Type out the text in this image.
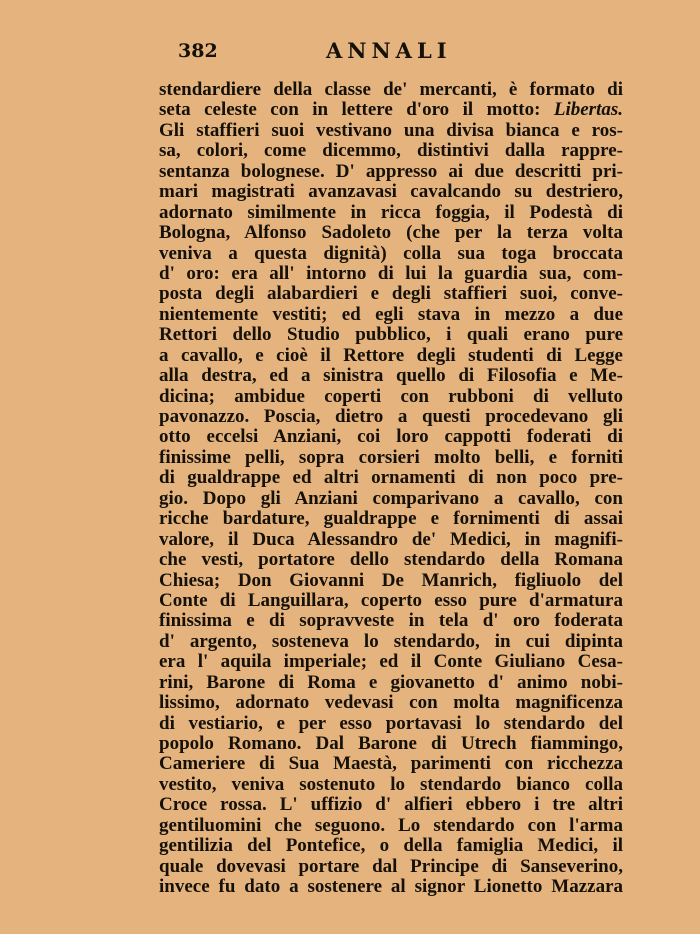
382	ANNALI
stendardiere della classe de' mercanti, è formato di
seta celeste con in lettere d'oro il motto: Libertas.
Gli staffieri suoi vestivano una divisa bianca e ros-
sa, colori, come dicemmo, distintivi dalla rappre-
sentanza bolognese. D' appresso ai due descritti pri-
mari magistrati avanzavasi cavalcando su destriero,
adornato similmente in ricca foggia, il Podestà di
Bologna, Alfonso Sadoleto (che per la terza volta
veniva a questa dignità) colla sua toga broccata
d' oro: era all' intorno di lui la guardia sua, com-
posta degli alabardieri e degli staffieri suoi, conve-
nientemente vestiti; ed egli stava in mezzo a due
Rettori dello Studio pubblico, i quali erano pure
a cavallo, e cioè il Rettore degli studenti di Legge
alla destra, ed a sinistra quello di Filosofia e Me-
dicina; ambidue coperti con rubboni di velluto
pavonazzo. Poscia, dietro a questi procedevano gli
otto eccelsi Anziani, coi loro cappotti foderati di
finissime pelli, sopra corsieri molto belli, e forniti
di gualdrappe ed altri ornamenti di non poco pre-
gio. Dopo gli Anziani comparivano a cavallo, con
ricche bardature, gualdrappe e fornimenti di assai
valore, il Duca Alessandro de' Medici, in magnifi-
che vesti, portatore dello stendardo della Romana
Chiesa; Don Giovanni De Manrich, figliuolo del
Conte di Languillara, coperto esso pure d'armatura
finissima e di sopravveste in tela d' oro foderata
d' argento, sosteneva lo stendardo, in cui dipinta
era l' aquila imperiale; ed il Conte Giuliano Cesa-
rini, Barone di Roma e giovanetto d' animo nobi-
lissimo, adornato vedevasi con molta magnificenza
di vestiario, e per esso portavasi lo stendardo del
popolo Romano. Dal Barone di Utrech fiammingo,
Cameriere di Sua Maestà, parimenti con ricchezza
vestito, veniva sostenuto lo stendardo bianco colla
Croce rossa. L' uffizio d' alfieri ebbero i tre altri
gentiluomini che seguono. Lo stendardo con l'arma
gentilizia del Pontefice, o della famiglia Medici, il
quale dovevasi portare dal Principe di Sanseverino,
invece fu dato a sostenere al signor Lionetto Mazzara
